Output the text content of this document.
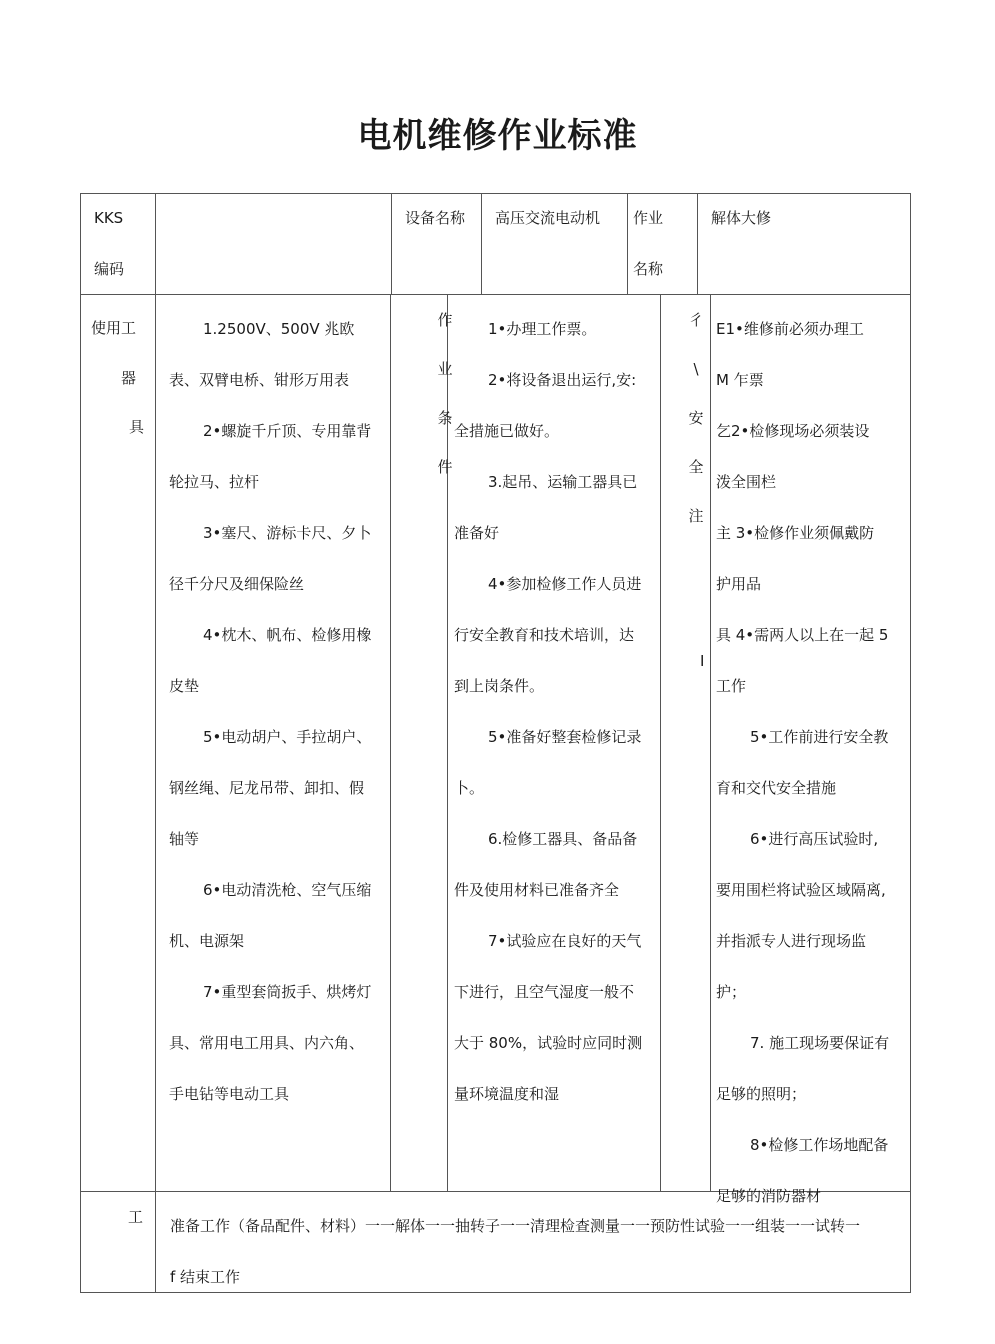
电机维修作业标准
KKS
编码
设备名称 高压交流电动机 作业
名称
解体大修
使用工
器
具
1.2500V、500V 兆欧
表、双臂电桥、钳形万用表
2•螺旋千斤顶、专用靠背
轮拉马、拉杆
3•塞尺、游标卡尺、夕卜
径千分尺及细保险丝
4•枕木、帆布、检修用橡
皮垫
5•电动胡户、手拉胡户、
钢丝绳、尼龙吊带、卸扣、假
轴等
6•电动清洗枪、空气压缩
机、电源架
7•重型套筒扳手、烘烤灯
具、常用电工用具、内六角、
手电钻等电动工具
作
业
条
件
1•办理工作票。
2•将设备退出运行,安:
全措施已做好。
3.起吊、运输工器具已
准备好
4•参加检修工作人员进
行安全教育和技术培训，达
到上岗条件。
5•准备好整套检修记录
卜。
6.检修工器具、备品备
件及使用材料已准备齐全
7•试验应在良好的天气
下进行，且空气湿度一般不
大于 80%，试验时应同时测
量环境温度和湿
彳
\
安
全
注
I
E1•维修前必须办理工
M 乍票
乞2•检修现场必须装设
泼全围栏
主 3•检修作业须佩戴防
护用品
具 4•需两人以上在一起 5
工作
5•工作前进行安全教
育和交代安全措施
6•进行高压试验时,
要用围栏将试验区域隔离,
并指派专人进行现场监
护；
7. 施工现场要保证有
足够的照明；
8•检修工作场地配备
足够的消防器材
工 准备工作（备品配件、材料）一一解体一一抽转子一一清理检查测量一一预防性试验一一组装一一试转一
f 结束工作
